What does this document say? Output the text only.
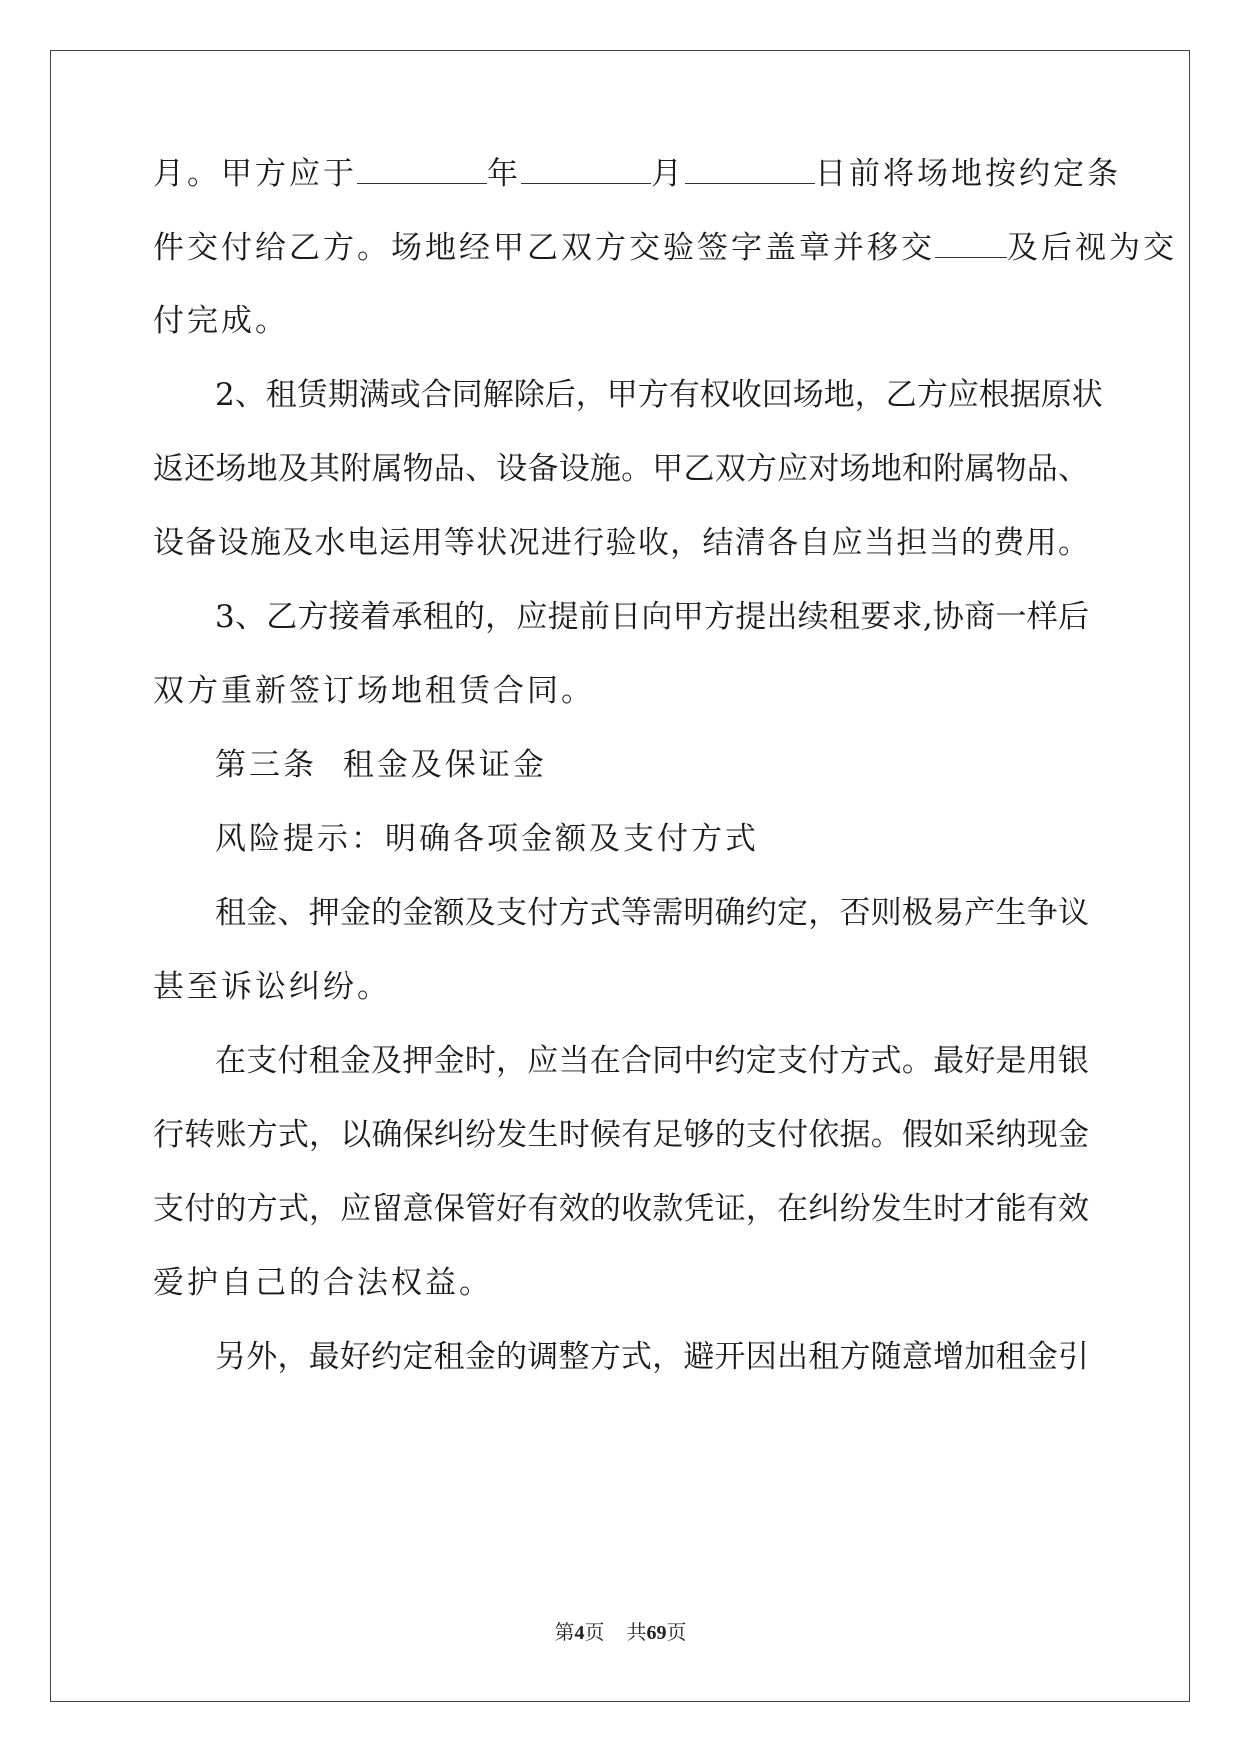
月。甲方应于	年	月	日前将场地按约定条
件交付给乙方。场地经甲乙双方交验签字盖章并移交 及后视为交
付完成。
2、租赁期满或合同解除后，甲方有权收回场地，乙方应根据原状
返还场地及其附属物品、设备设施。甲乙双方应对场地和附属物品、
设备设施及水电运用等状况进行验收，结清各自应当担当的费用。
3、乙方接着承租的，应提前日向甲方提出续租要求,协商一样后
双方重新签订场地租赁合同。
第三条  租金及保证金
风险提示：明确各项金额及支付方式
租金、押金的金额及支付方式等需明确约定，否则极易产生争议
甚至诉讼纠纷。
在支付租金及押金时，应当在合同中约定支付方式。最好是用银
行转账方式，以确保纠纷发生时候有足够的支付依据。假如采纳现金
支付的方式，应留意保管好有效的收款凭证，在纠纷发生时才能有效
爱护自己的合法权益。
另外，最好约定租金的调整方式，避开因出租方随意增加租金引
第4页 共69页
